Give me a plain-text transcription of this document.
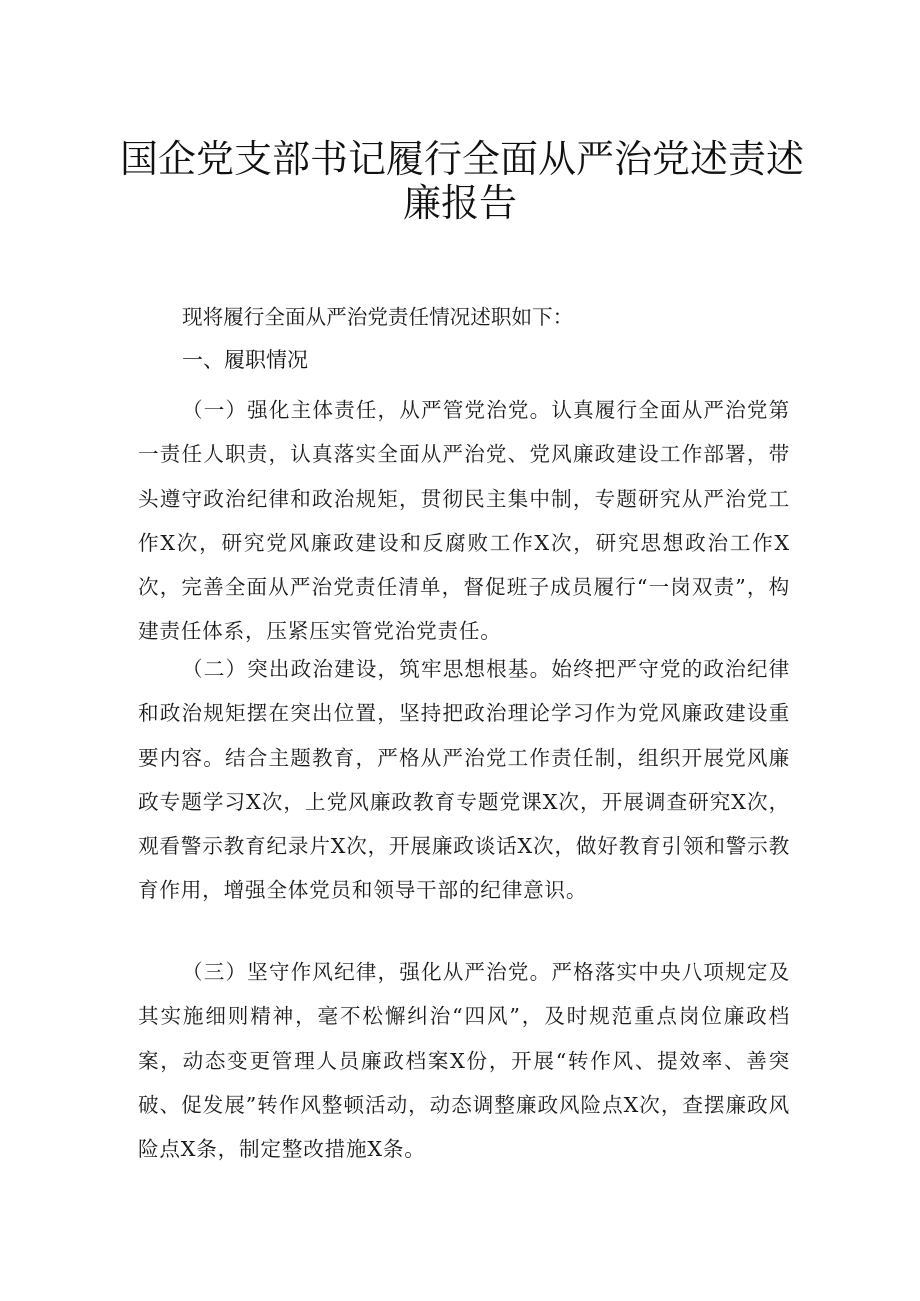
国企党支部书记履行全面从严治党述责述
廉报告
现将履行全面从严治党责任情况述职如下：
一、履职情况

（一）强化主体责任，从严管党治党。认真履行全面从严治党第一责任人职责，认真落实全面从严治党、党风廉政建设工作部署，带头遵守政治纪律和政治规矩，贯彻民主集中制，专题研究从严治党工作X次，研究党风廉政建设和反腐败工作X次，研究思想政治工作X次，完善全面从严治党责任清单，督促班子成员履行“一岗双责”，构建责任体系，压紧压实管党治党责任。

（二）突出政治建设，筑牢思想根基。始终把严守党的政治纪律和政治规矩摆在突出位置，坚持把政治理论学习作为党风廉政建设重要内容。结合主题教育，严格从严治党工作责任制，组织开展党风廉政专题学习X次，上党风廉政教育专题党课X次，开展调查研究X次，观看警示教育纪录片X次，开展廉政谈话X次，做好教育引领和警示教育作用，增强全体党员和领导干部的纪律意识。

（三）坚守作风纪律，强化从严治党。严格落实中央八项规定及其实施细则精神，毫不松懈纠治“四风”，及时规范重点岗位廉政档案，动态变更管理人员廉政档案X份，开展“转作风、提效率、善突破、促发展”转作风整顿活动，动态调整廉政风险点X次，查摆廉政风险点X条，制定整改措施X条。
